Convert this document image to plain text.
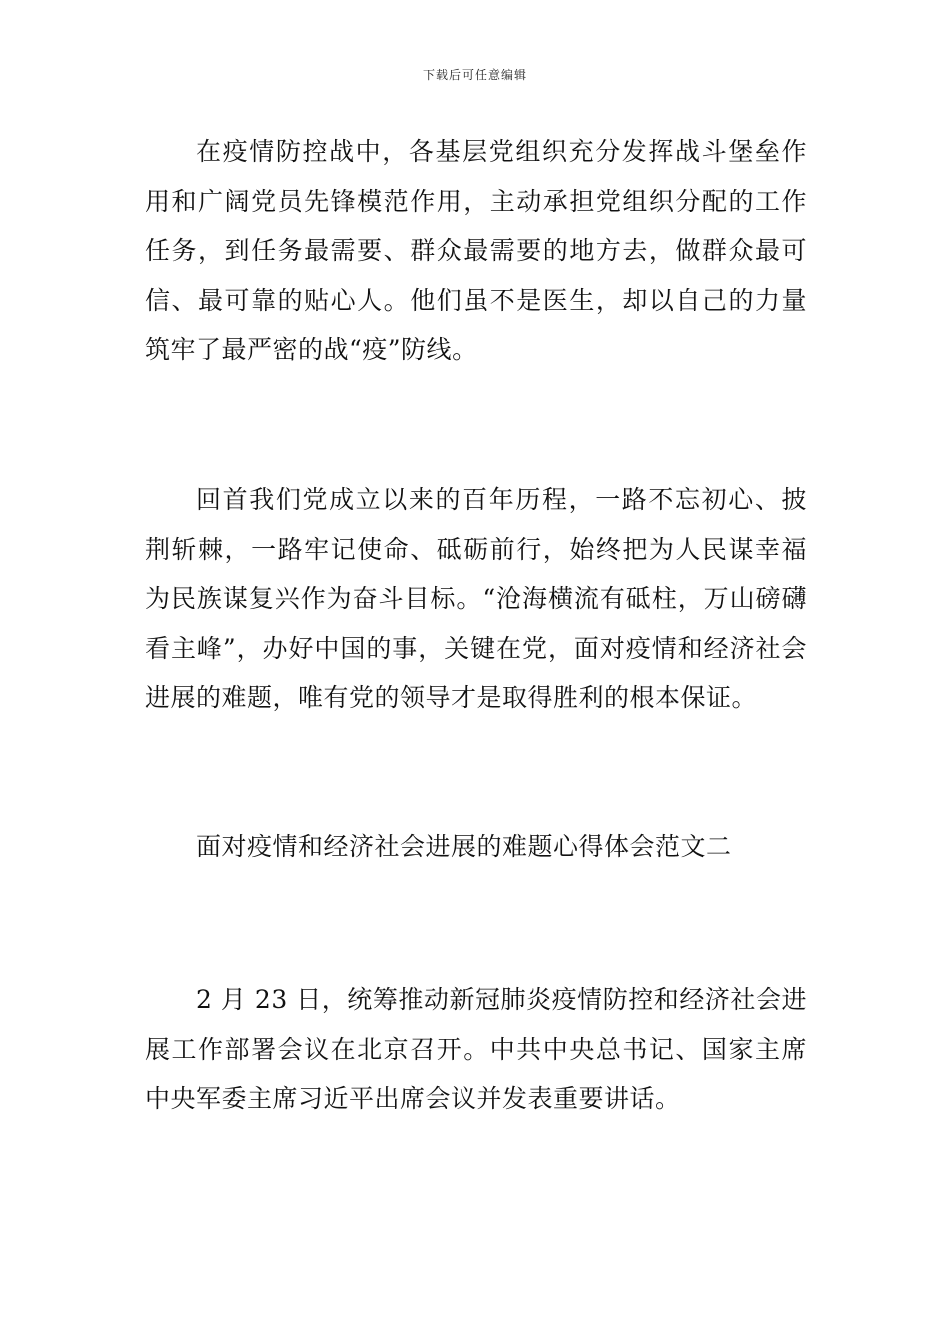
下载后可任意编辑

在疫情防控战中，各基层党组织充分发挥战斗堡垒作用和广阔党员先锋模范作用，主动承担党组织分配的工作任务，到任务最需要、群众最需要的地方去，做群众最可信、最可靠的贴心人。他们虽不是医生，却以自己的力量筑牢了最严密的战“疫”防线。

回首我们党成立以来的百年历程，一路不忘初心、披荆斩棘，一路牢记使命、砥砺前行，始终把为人民谋幸福为民族谋复兴作为奋斗目标。“沧海横流有砥柱，万山磅礴看主峰”，办好中国的事，关键在党，面对疫情和经济社会进展的难题，唯有党的领导才是取得胜利的根本保证。

面对疫情和经济社会进展的难题心得体会范文二

2 月 23 日，统筹推动新冠肺炎疫情防控和经济社会进展工作部署会议在北京召开。中共中央总书记、国家主席中央军委主席习近平出席会议并发表重要讲话。
